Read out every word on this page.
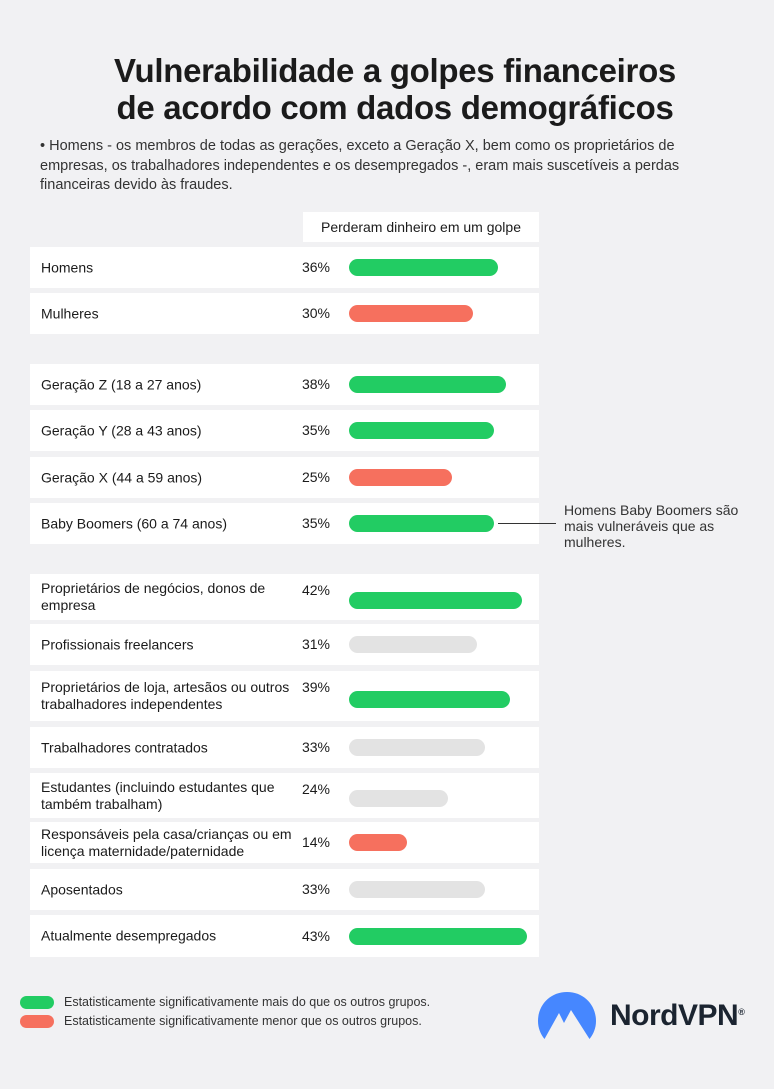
Vulnerabilidade a golpes financeiros
de acordo com dados demográficos

• Homens - os membros de todas as gerações, exceto a Geração X, bem como os proprietários de empresas, os trabalhadores independentes e os desempregados -, eram mais suscetíveis a perdas financeiras devido às fraudes.

Perderam dinheiro em um golpe
Homens	36%
Mulheres	30%
Geração Z (18 a 27 anos)	38%
Geração Y (28 a 43 anos)	35%
Geração X (44 a 59 anos)	25%
Baby Boomers (60 a 74 anos)	35%
Proprietários de negócios, donos de empresa
42%
Profissionais freelancers	31%
Proprietários de loja, artesãos ou outros trabalhadores independentes
39%
Trabalhadores contratados	33%
Estudantes (incluindo estudantes que também trabalham)
24%
Responsáveis pela casa/crianças ou em licença maternidade/paternidade
14%
Aposentados	33%
Atualmente desempregados	43%
Homens Baby Boomers são mais vulneráveis que as mulheres.
Estatisticamente significativamente mais do que os outros grupos.
Estatisticamente significativamente menor que os outros grupos.	NordVPN®
